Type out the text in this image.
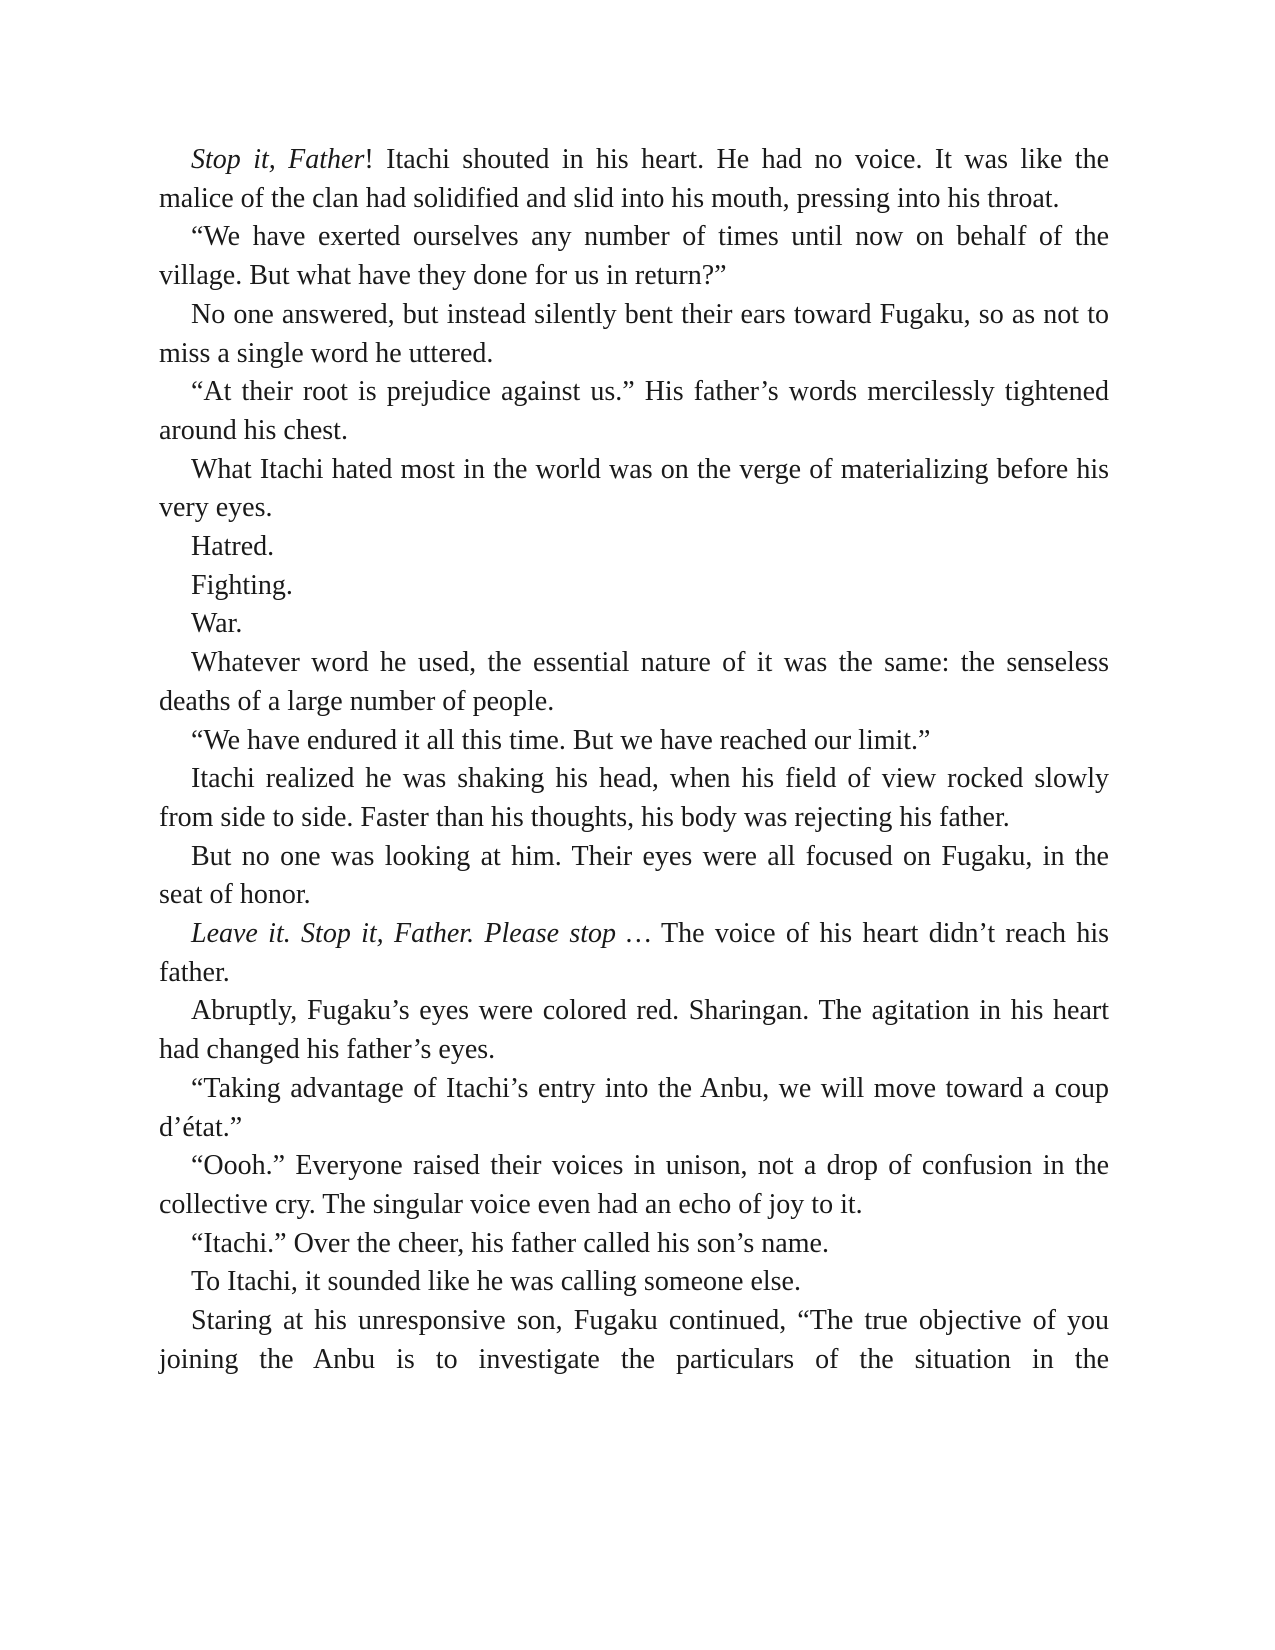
Stop it, Father! Itachi shouted in his heart. He had no voice. It was like the malice of the clan had solidified and slid into his mouth, pressing into his throat.

“We have exerted ourselves any number of times until now on behalf of the village. But what have they done for us in return?”

No one answered, but instead silently bent their ears toward Fugaku, so as not to miss a single word he uttered.

“At their root is prejudice against us.” His father’s words mercilessly tightened around his chest.

What Itachi hated most in the world was on the verge of materializing before his very eyes.

Hatred.

Fighting.

War.

Whatever word he used, the essential nature of it was the same: the senseless deaths of a large number of people.

“We have endured it all this time. But we have reached our limit.”

Itachi realized he was shaking his head, when his field of view rocked slowly from side to side. Faster than his thoughts, his body was rejecting his father.

But no one was looking at him. Their eyes were all focused on Fugaku, in the seat of honor.

Leave it. Stop it, Father. Please stop … The voice of his heart didn’t reach his father.

Abruptly, Fugaku’s eyes were colored red. Sharingan. The agitation in his heart had changed his father’s eyes.

“Taking advantage of Itachi’s entry into the Anbu, we will move toward a coup d’état.”

“Oooh.” Everyone raised their voices in unison, not a drop of confusion in the collective cry. The singular voice even had an echo of joy to it.

“Itachi.” Over the cheer, his father called his son’s name.

To Itachi, it sounded like he was calling someone else.

Staring at his unresponsive son, Fugaku continued, “The true objective of you joining the Anbu is to investigate the particulars of the situation in the
